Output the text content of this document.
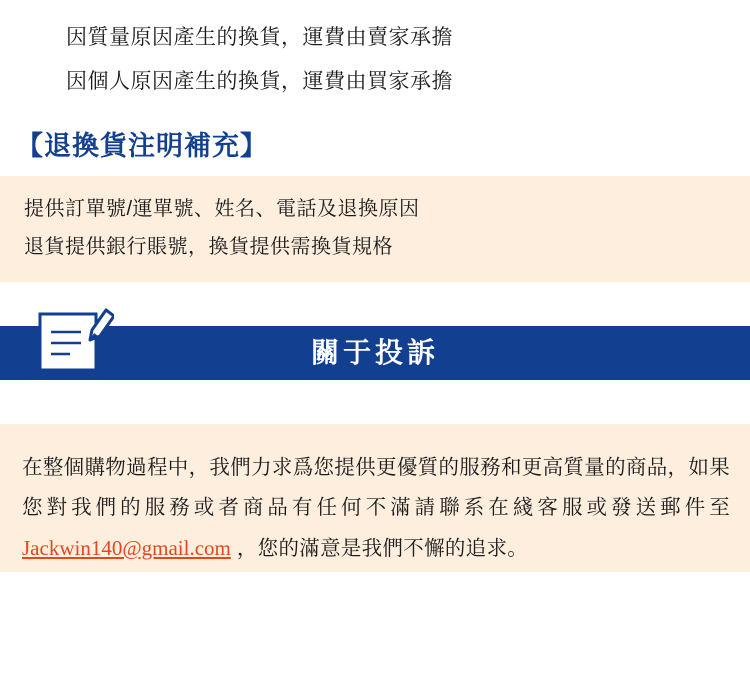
因質量原因產生的換貨，運費由賣家承擔
因個人原因產生的換貨，運費由買家承擔
【退換貨注明補充】
提供訂單號/運單號、姓名、電話及退換原因
退貨提供銀行賬號，換貨提供需換貨規格
關于投訴
在整個購物過程中，我們力求爲您提供更優質的服務和更高質量的商品，如果您對我們的服務或者商品有任何不滿請聯系在綫客服或發送郵件至 Jackwin140@gmail.com ，您的滿意是我們不懈的追求。
